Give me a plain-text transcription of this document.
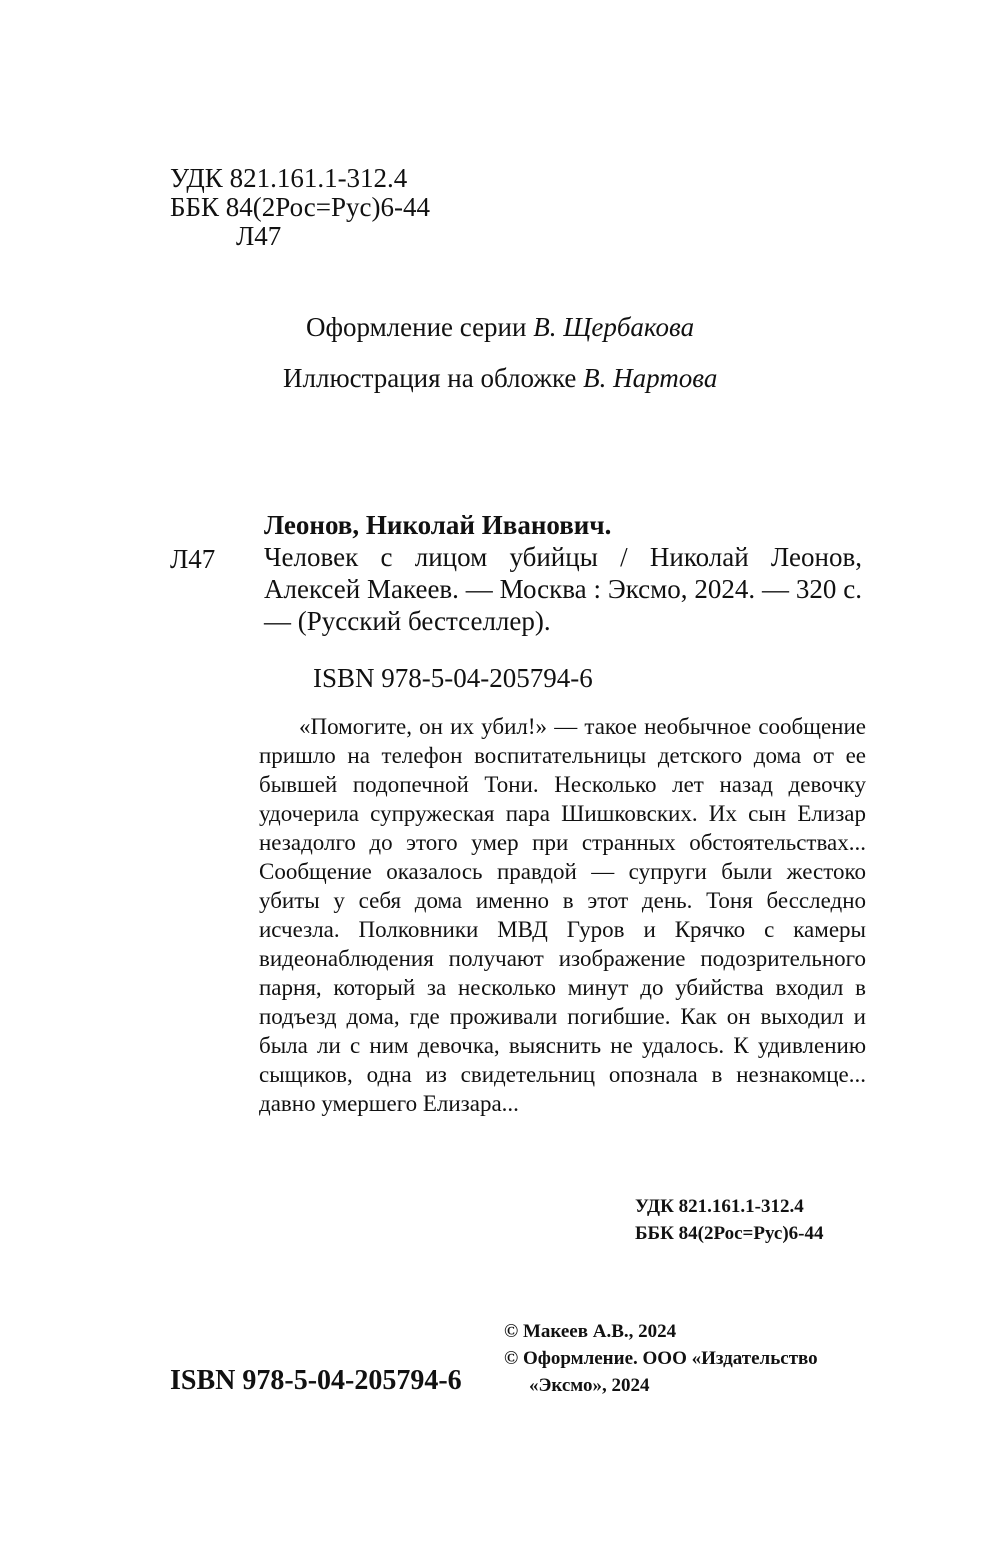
УДК 821.161.1-312.4
ББК 84(2Рос=Рус)6-44
Л47
Оформление серии В. Щербакова
Иллюстрация на обложке В. Нартова
Леонов, Николай Иванович.
Л47 Человек с лицом убийцы / Николай Леонов, Алексей Макеев. — Москва : Эксмо, 2024. — 320 с. — (Русский бестселлер).
ISBN 978-5-04-205794-6

«Помогите, он их убил!» — такое необычное сообщение пришло на телефон воспитательницы детского дома от ее бывшей подопечной Тони. Несколько лет назад девочку удочерила супружеская пара Шишковских. Их сын Елизар незадолго до этого умер при странных обстоятельствах... Сообщение оказалось правдой — супруги были жестоко убиты у себя дома именно в этот день. Тоня бесследно исчезла. Полковники МВД Гуров и Крячко с камеры видеонаблюдения получают изображение подозрительного парня, который за несколько минут до убийства входил в подъезд дома, где проживали погибшие. Как он выходил и была ли с ним девочка, выяснить не удалось. К удивлению сыщиков, одна из свидетельниц опознала в незнакомце... давно умершего Елизара...

УДК 821.161.1-312.4
ББК 84(2Рос=Рус)6-44
© Макеев А.В., 2024
© Оформление. ООО «Издательство
«Эксмо», 2024
ISBN 978-5-04-205794-6
